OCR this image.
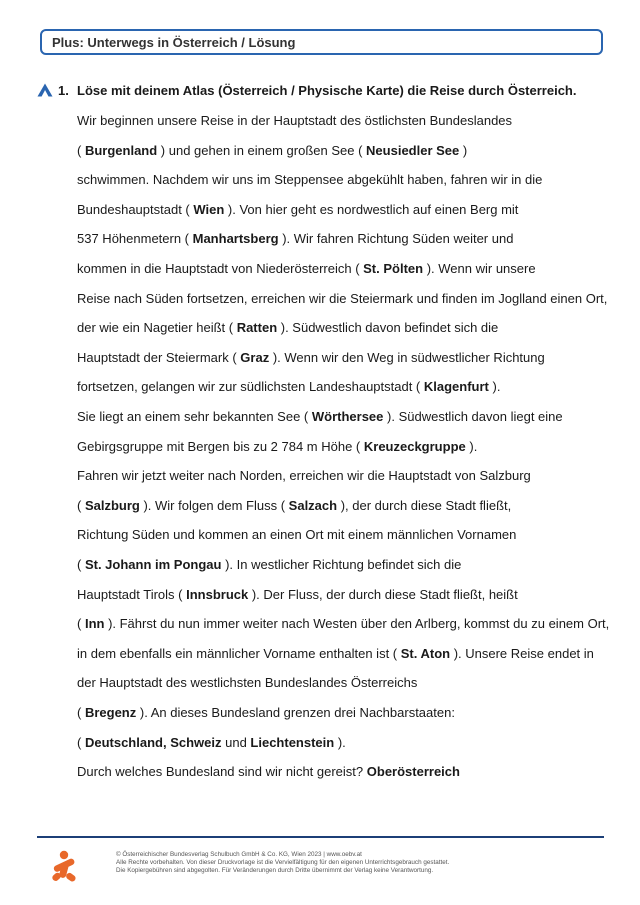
Plus: Unterwegs in Österreich / Lösung
1. Löse mit deinem Atlas (Österreich / Physische Karte) die Reise durch Österreich.
Wir beginnen unsere Reise in der Hauptstadt des östlichsten Bundeslandes
( Burgenland ) und gehen in einem großen See ( Neusiedler See )
schwimmen. Nachdem wir uns im Steppensee abgekühlt haben, fahren wir in die
Bundeshauptstadt ( Wien ). Von hier geht es nordwestlich auf einen Berg mit
537 Höhenmetern ( Manhartsberg ). Wir fahren Richtung Süden weiter und
kommen in die Hauptstadt von Niederösterreich ( St. Pölten ). Wenn wir unsere
Reise nach Süden fortsetzen, erreichen wir die Steiermark und finden im Joglland einen Ort,
der wie ein Nagetier heißt ( Ratten ). Südwestlich davon befindet sich die
Hauptstadt der Steiermark ( Graz ). Wenn wir den Weg in südwestlicher Richtung
fortsetzen, gelangen wir zur südlichsten Landeshauptstadt ( Klagenfurt ).
Sie liegt an einem sehr bekannten See ( Wörthersee ). Südwestlich davon liegt eine
Gebirgsgruppe mit Bergen bis zu 2 784 m Höhe ( Kreuzeckgruppe ).
Fahren wir jetzt weiter nach Norden, erreichen wir die Hauptstadt von Salzburg
( Salzburg ). Wir folgen dem Fluss ( Salzach ), der durch diese Stadt fließt,
Richtung Süden und kommen an einen Ort mit einem männlichen Vornamen
( St. Johann im Pongau ). In westlicher Richtung befindet sich die
Hauptstadt Tirols ( Innsbruck ). Der Fluss, der durch diese Stadt fließt, heißt
( Inn ). Fährst du nun immer weiter nach Westen über den Arlberg, kommst du zu einem Ort,
in dem ebenfalls ein männlicher Vorname enthalten ist ( St. Aton ). Unsere Reise endet in
der Hauptstadt des westlichsten Bundeslandes Österreichs
( Bregenz ). An dieses Bundesland grenzen drei Nachbarstaaten:
( Deutschland, Schweiz und Liechtenstein ).
Durch welches Bundesland sind wir nicht gereist? Oberösterreich
© Österreichischer Bundesverlag Schulbuch GmbH & Co. KG, Wien 2023 | www.oebv.at
Alle Rechte vorbehalten. Von dieser Druckvorlage ist die Vervielfältigung für den eigenen Unterrichtsgebrauch gestattet.
Die Kopiergebühren sind abgegolten. Für Veränderungen durch Dritte übernimmt der Verlag keine Verantwortung.
